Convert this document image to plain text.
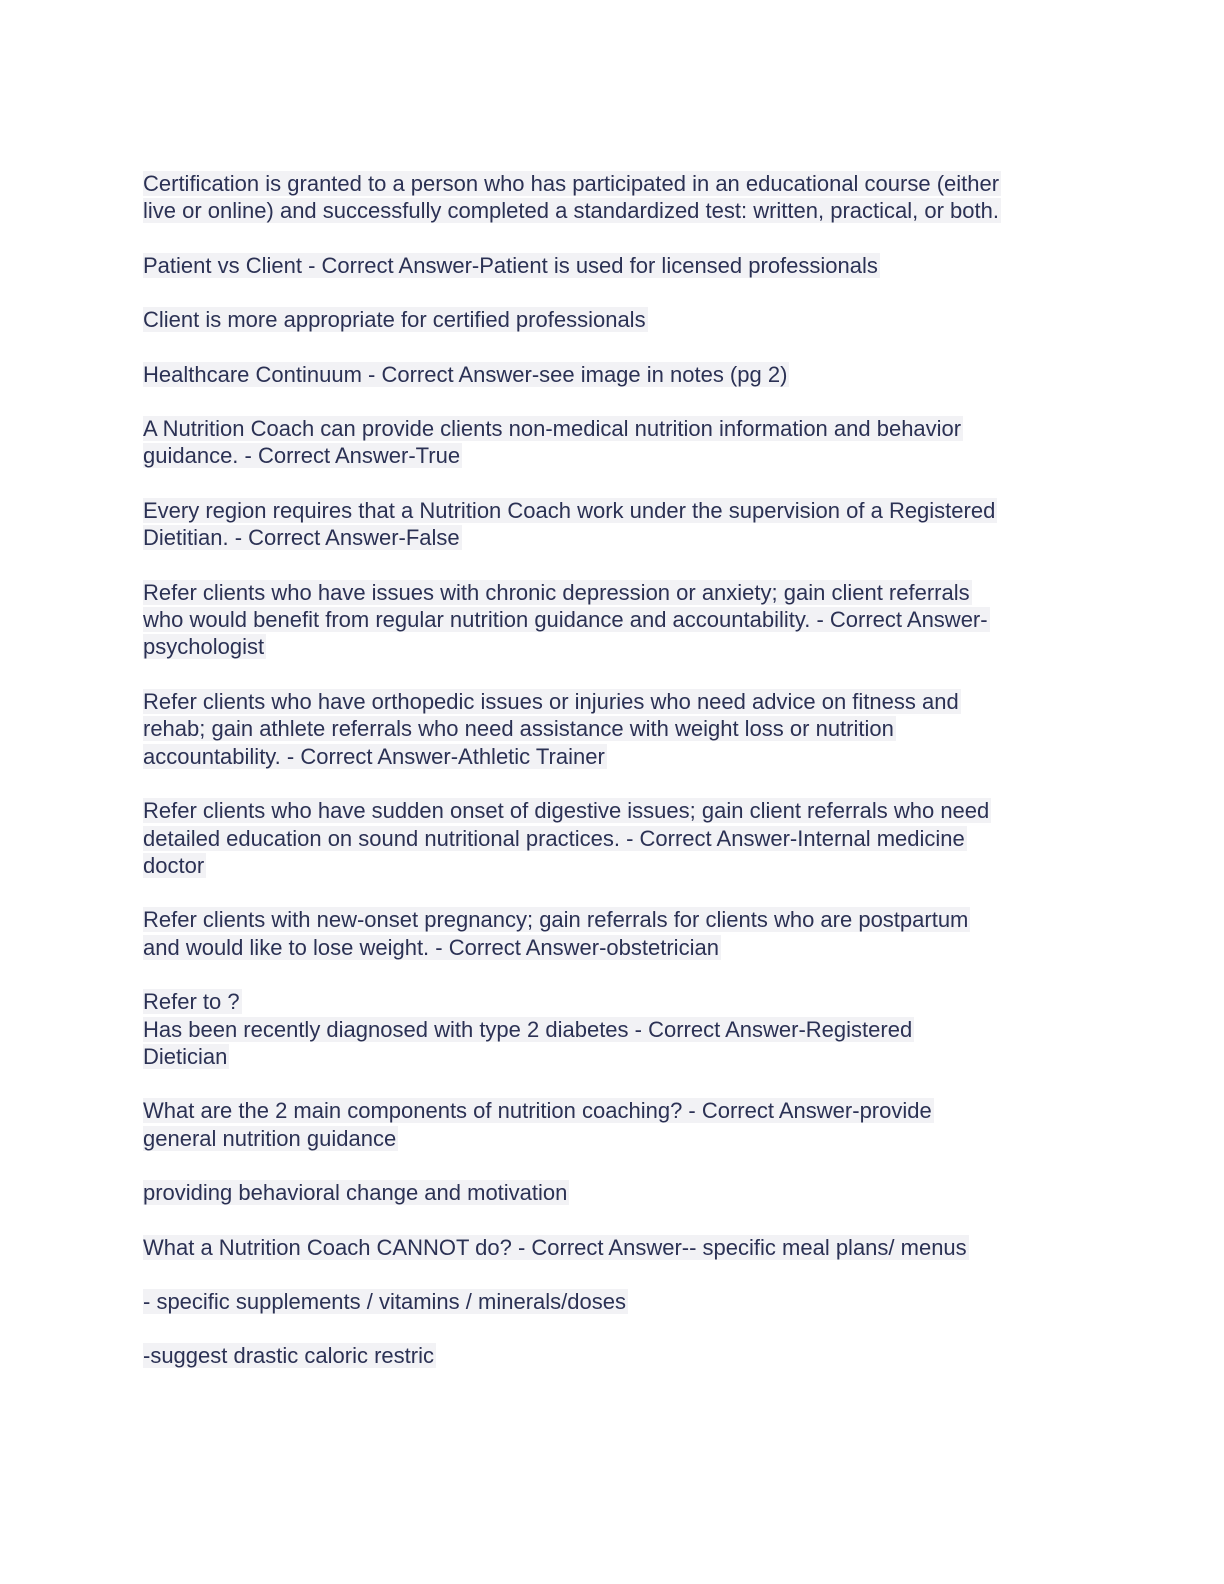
Certification is granted to a person who has participated in an educational course (either
live or online) and successfully completed a standardized test: written, practical, or both.

Patient vs Client - Correct Answer-Patient is used for licensed professionals

Client is more appropriate for certified professionals

Healthcare Continuum - Correct Answer-see image in notes (pg 2)

A Nutrition Coach can provide clients non-medical nutrition information and behavior
guidance. - Correct Answer-True

Every region requires that a Nutrition Coach work under the supervision of a Registered
Dietitian. - Correct Answer-False

Refer clients who have issues with chronic depression or anxiety; gain client referrals
who would benefit from regular nutrition guidance and accountability. - Correct Answer-
psychologist

Refer clients who have orthopedic issues or injuries who need advice on fitness and
rehab; gain athlete referrals who need assistance with weight loss or nutrition
accountability. - Correct Answer-Athletic Trainer

Refer clients who have sudden onset of digestive issues; gain client referrals who need
detailed education on sound nutritional practices. - Correct Answer-Internal medicine
doctor

Refer clients with new-onset pregnancy; gain referrals for clients who are postpartum
and would like to lose weight. - Correct Answer-obstetrician

Refer to ?
Has been recently diagnosed with type 2 diabetes - Correct Answer-Registered
Dietician

What are the 2 main components of nutrition coaching? - Correct Answer-provide
general nutrition guidance

providing behavioral change and motivation

What a Nutrition Coach CANNOT do? - Correct Answer-- specific meal plans/ menus

- specific supplements / vitamins / minerals/doses

-suggest drastic caloric restric
